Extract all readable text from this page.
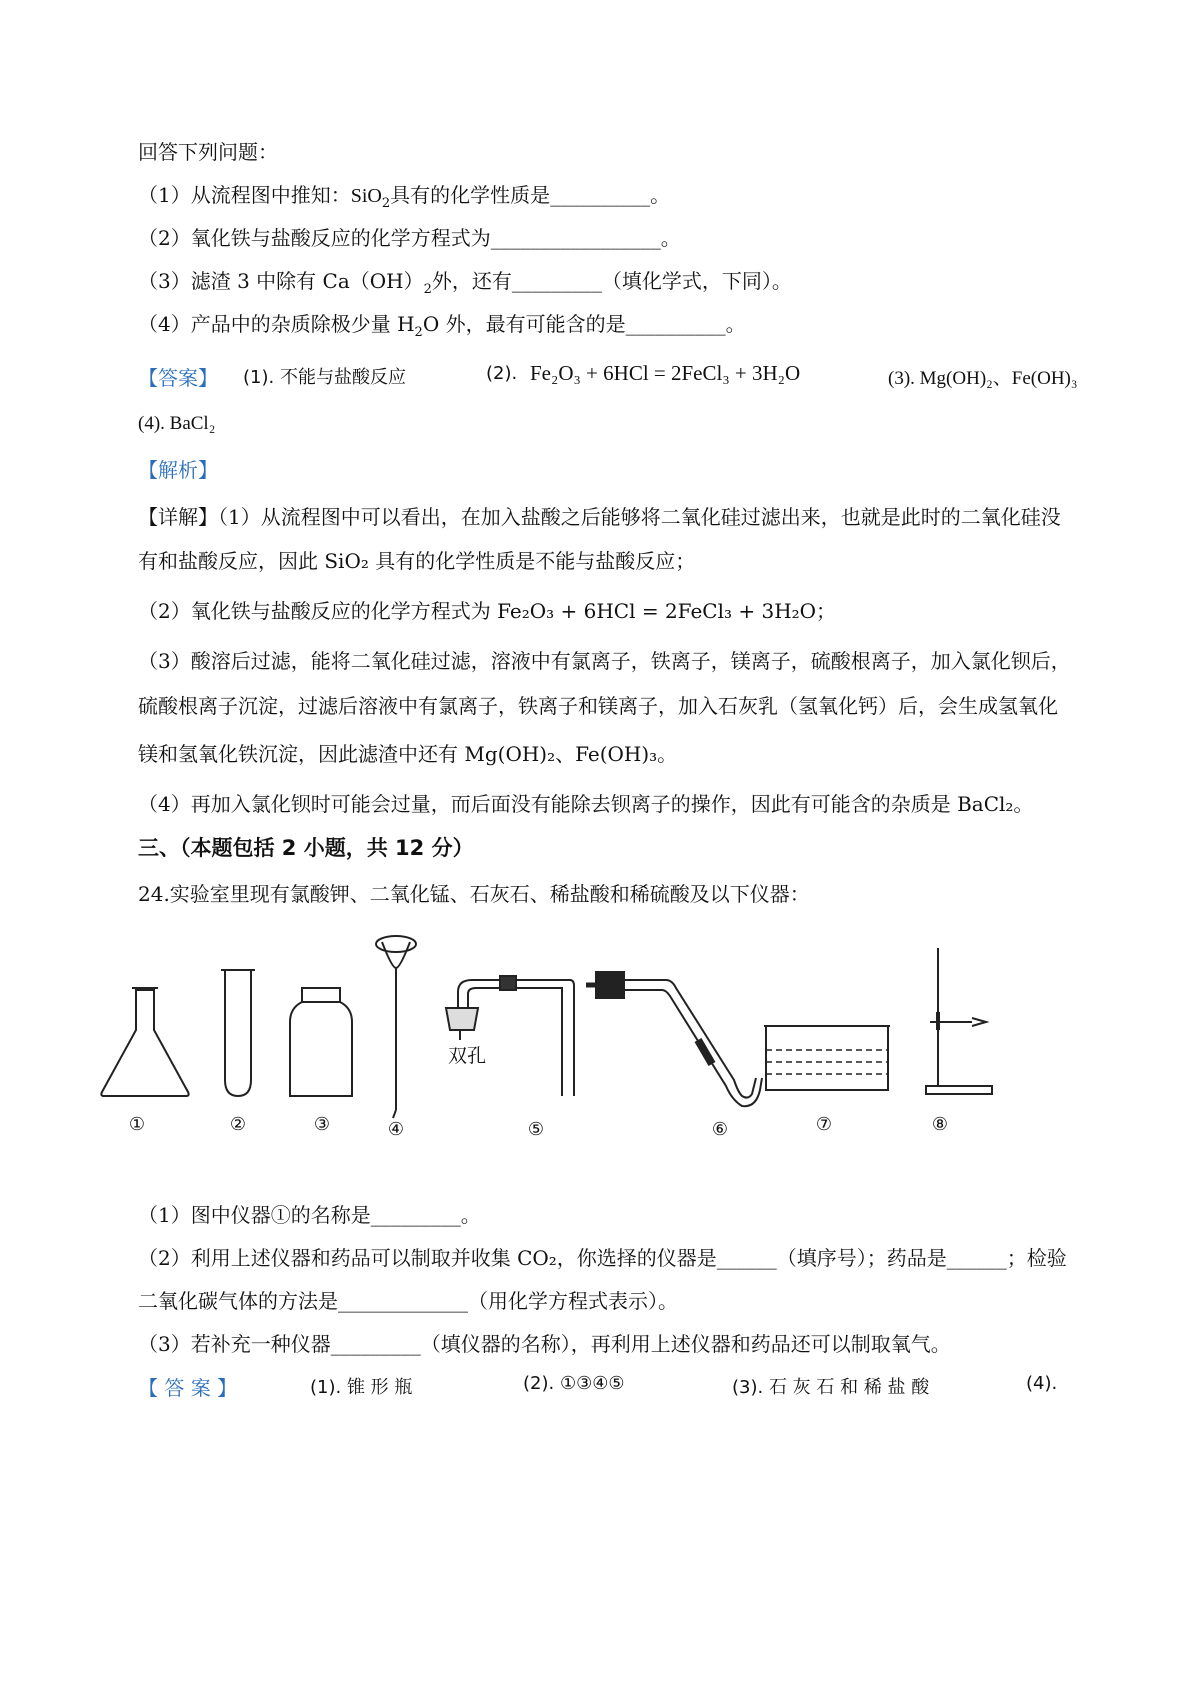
回答下列问题：
（1）从流程图中推知：SiO$_2$具有的化学性质是__________。
（2）氧化铁与盐酸反应的化学方程式为_________________。
（3）滤渣 3 中除有 $Ca(OH)_2$外，还有_________（填化学式，下同）。
（4）产品中的杂质除极少量 $H_2O$ 外，最有可能含的是__________。
【答案】 (1). 不能与盐酸反应	(2). Fe₂O₃ + 6HCl = 2FeCl₃ + 3H₂O	(3). Mg(OH)₂、Fe(OH)₃
(4). BaCl₂
【解析】
【详解】（1）从流程图中可以看出，在加入盐酸之后能够将二氧化硅过滤出来，也就是此时的二氧化硅没
有和盐酸反应，因此 SiO₂ 具有的化学性质是不能与盐酸反应；
（2）氧化铁与盐酸反应的化学方程式为 Fe₂O₃ + 6HCl = 2FeCl₃ + 3H₂O；
（3）酸溶后过滤，能将二氧化硅过滤，溶液中有氯离子，铁离子，镁离子，硫酸根离子，加入氯化钡后，
硫酸根离子沉淀，过滤后溶液中有氯离子，铁离子和镁离子，加入石灰乳（氢氧化钙）后，会生成氢氧化
镁和氢氧化铁沉淀，因此滤渣中还有 Mg(OH)₂、Fe(OH)₃。
（4）再加入氯化钡时可能会过量，而后面没有能除去钡离子的操作，因此有可能含的杂质是 BaCl₂。
三、（本题包括 2 小题，共 12 分）
24.实验室里现有氯酸钾、二氧化锰、石灰石、稀盐酸和稀硫酸及以下仪器：
①	②	③	④	⑤	⑥	⑦	⑧
双孔
（1）图中仪器①的名称是_________。
（2）利用上述仪器和药品可以制取并收集 CO₂，你选择的仪器是______（填序号）；药品是______；检验
二氧化碳气体的方法是_____________（用化学方程式表示）。
（3）若补充一种仪器_________（填仪器的名称），再利用上述仪器和药品还可以制取氧气。
【 答 案 】	(1). 锥 形 瓶	(2). ①③④⑤	(3). 石 灰 石 和 稀 盐 酸	(4).
